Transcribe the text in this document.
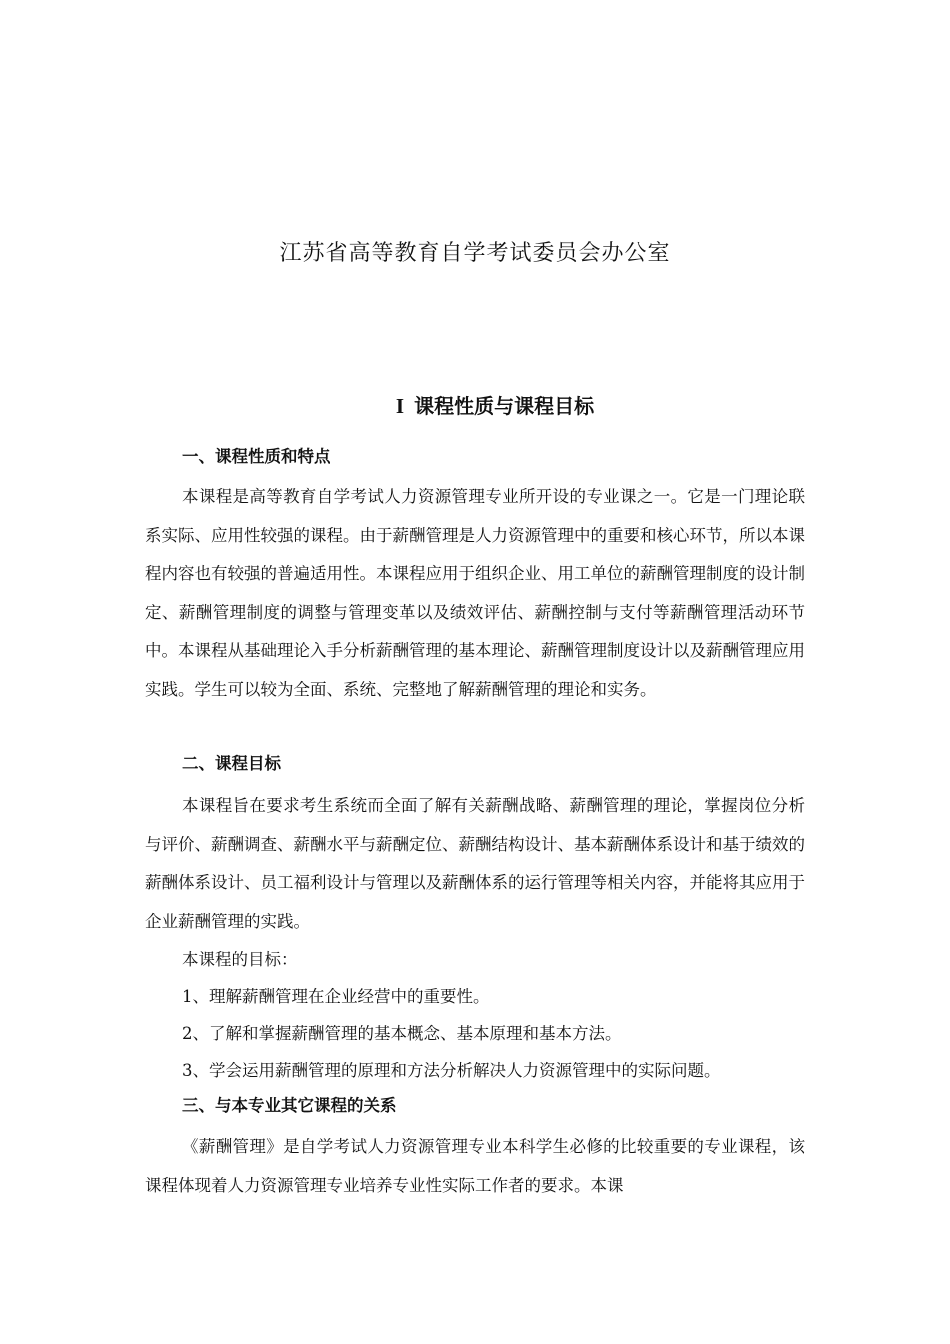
江苏省高等教育自学考试委员会办公室
I 课程性质与课程目标
一、课程性质和特点

本课程是高等教育自学考试人力资源管理专业所开设的专业课之一。它是一门理论联系实际、应用性较强的课程。由于薪酬管理是人力资源管理中的重要和核心环节，所以本课程内容也有较强的普遍适用性。本课程应用于组织企业、用工单位的薪酬管理制度的设计制定、薪酬管理制度的调整与管理变革以及绩效评估、薪酬控制与支付等薪酬管理活动环节中。本课程从基础理论入手分析薪酬管理的基本理论、薪酬管理制度设计以及薪酬管理应用实践。学生可以较为全面、系统、完整地了解薪酬管理的理论和实务。

二、课程目标

本课程旨在要求考生系统而全面了解有关薪酬战略、薪酬管理的理论，掌握岗位分析与评价、薪酬调查、薪酬水平与薪酬定位、薪酬结构设计、基本薪酬体系设计和基于绩效的薪酬体系设计、员工福利设计与管理以及薪酬体系的运行管理等相关内容，并能将其应用于企业薪酬管理的实践。

本课程的目标：
1、理解薪酬管理在企业经营中的重要性。
2、了解和掌握薪酬管理的基本概念、基本原理和基本方法。
3、学会运用薪酬管理的原理和方法分析解决人力资源管理中的实际问题。
三、与本专业其它课程的关系

《薪酬管理》是自学考试人力资源管理专业本科学生必修的比较重要的专业课程，该课程体现着人力资源管理专业培养专业性实际工作者的要求。本课
